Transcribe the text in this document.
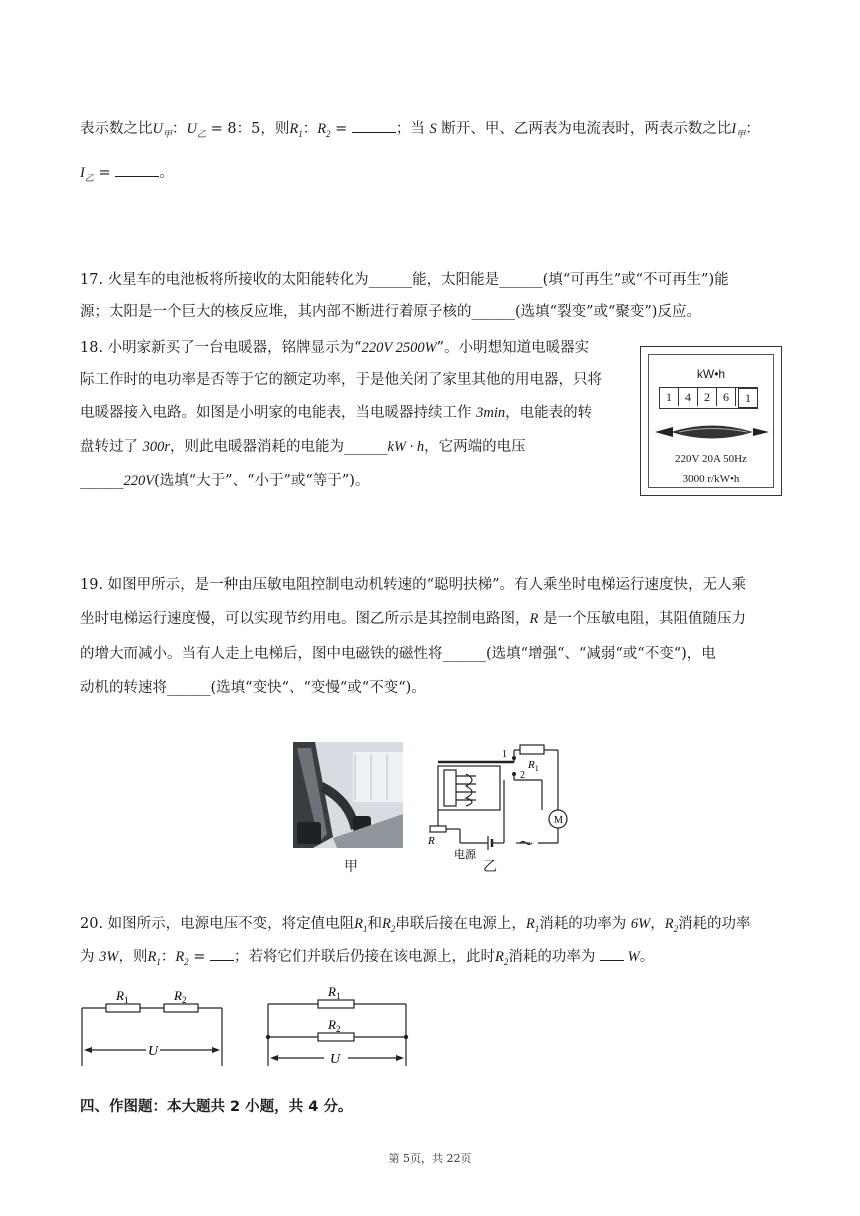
表示数之比$U_甲$：$U_乙 = 8$：5，则$R_1$：$R_2$ =	；当 S 断开、甲、乙两表为电流表时，两表示数之比$I_甲$：
$I_乙$ =	。
17. 火星车的电池板将所接收的太阳能转化为______能，太阳能是______(填“可再生”或“不可再生”)能
源；太阳是一个巨大的核反应堆，其内部不断进行着原子核的______(选填“裂变”或“聚变”)反应。
18. 小明家新买了一台电暖器，铭牌显示为“220V 2500W”。小明想知道电暖器实
际工作时的电功率是否等于它的额定功率，于是他关闭了家里其他的用电器，只将
电暖器接入电路。如图是小明家的电能表，当电暖器持续工作 3min，电能表的转
盘转过了 300r，则此电暖器消耗的电能为______kW · h，它两端的电压
______220V(选填“大于”、“小于”或“等于”)。
kW•h
1	4	2	6	1
220V 20A 50Hz
3000 r/kW•h
19. 如图甲所示，是一种由压敏电阻控制电动机转速的“聪明扶梯”。有人乘坐时电梯运行速度快，无人乘
坐时电梯运行速度慢，可以实现节约用电。图乙所示是其控制电路图，R 是一个压敏电阻，其阻值随压力
的增大而减小。当有人走上电梯后，图中电磁铁的磁性将______(选填“增强“、“减弱“或“不变“)，电
动机的转速将______(选填“变快“、“变慢“或“不变“)。
甲
1
2
$R_1$
M
R
电源
乙
20. 如图所示，电源电压不变，将定值电阻$R_1$和$R_2$串联后接在电源上，$R_1$消耗的功率为 6W，$R_2$消耗的功率
为 3W，则$R_1$：$R_2$ = ；若将它们并联后仍接在该电源上，此时$R_2$消耗的功率为  W。
$R_1$	$R_2$
U
$R_1$
$R_2$
U
四、作图题：本大题共 2 小题，共 4 分。
第 5页，共 22页
